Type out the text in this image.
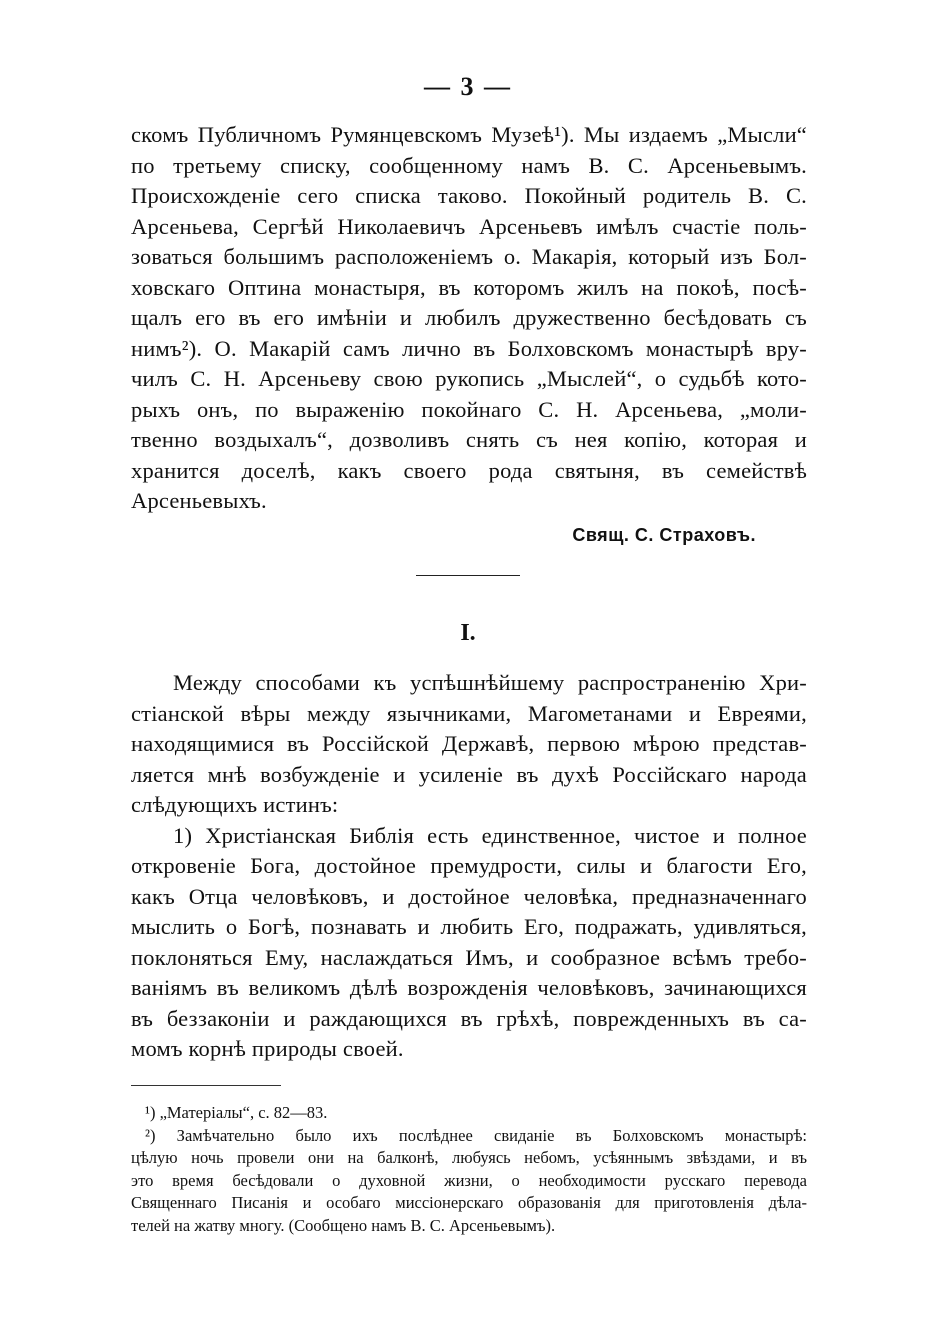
— 3 —
скомъ Публичномъ Румянцевскомъ Музеѣ¹). Мы издаемъ „Мысли“
по третьему списку, сообщенному намъ В. С. Арсеньевымъ.
Происхожденіе сего списка таково. Покойный родитель В. С.
Арсеньева, Сергѣй Николаевичъ Арсеньевъ имѣлъ счастіе поль-
зоваться большимъ расположеніемъ о. Макарія, который изъ Бол-
ховскаго Оптина монастыря, въ которомъ жилъ на покоѣ, посѣ-
щалъ его въ его имѣніи и любилъ дружественно бесѣдовать съ
нимъ²). О. Макарій самъ лично въ Болховскомъ монастырѣ вру-
чилъ С. Н. Арсеньеву свою рукопись „Мыслей“, о судьбѣ кото-
рыхъ онъ, по выраженію покойнаго С. Н. Арсеньева, „моли-
твенно воздыхалъ“, дозволивъ снять съ нея копію, которая и
хранится доселѣ, какъ своего рода святыня, въ семействѣ
Арсеньевыхъ.
Свящ. С. Страховъ.
I.
Между способами къ успѣшнѣйшему распространенію Хри-
стіанской вѣры между язычниками, Магометанами и Евреями,
находящимися въ Россійской Державѣ, первою мѣрою представ-
ляется мнѣ возбужденіе и усиленіе въ духѣ Россійскаго народа
слѣдующихъ истинъ:
1) Христіанская Библія есть единственное, чистое и полное
откровеніе Бога, достойное премудрости, силы и благости Его,
какъ Отца человѣковъ, и достойное человѣка, предназначеннаго
мыслить о Богѣ, познавать и любить Его, подражать, удивляться,
поклоняться Ему, наслаждаться Имъ, и сообразное всѣмъ требо-
ваніямъ въ великомъ дѣлѣ возрожденія человѣковъ, зачинающихся
въ беззаконіи и раждающихся въ грѣхѣ, поврежденныхъ въ са-
момъ корнѣ природы своей.
¹) „Матеріалы“, с. 82—83.
²) Замѣчательно было ихъ послѣднее свиданіе въ Болховскомъ монастырѣ:
цѣлую ночь провели они на балконѣ, любуясь небомъ, усѣяннымъ звѣздами, и въ
это время бесѣдовали о духовной жизни, о необходимости русскаго перевода
Священнаго Писанія и особаго миссіонерскаго образованія для приготовленія дѣла-
телей на жатву многу. (Сообщено намъ В. С. Арсеньевымъ).
